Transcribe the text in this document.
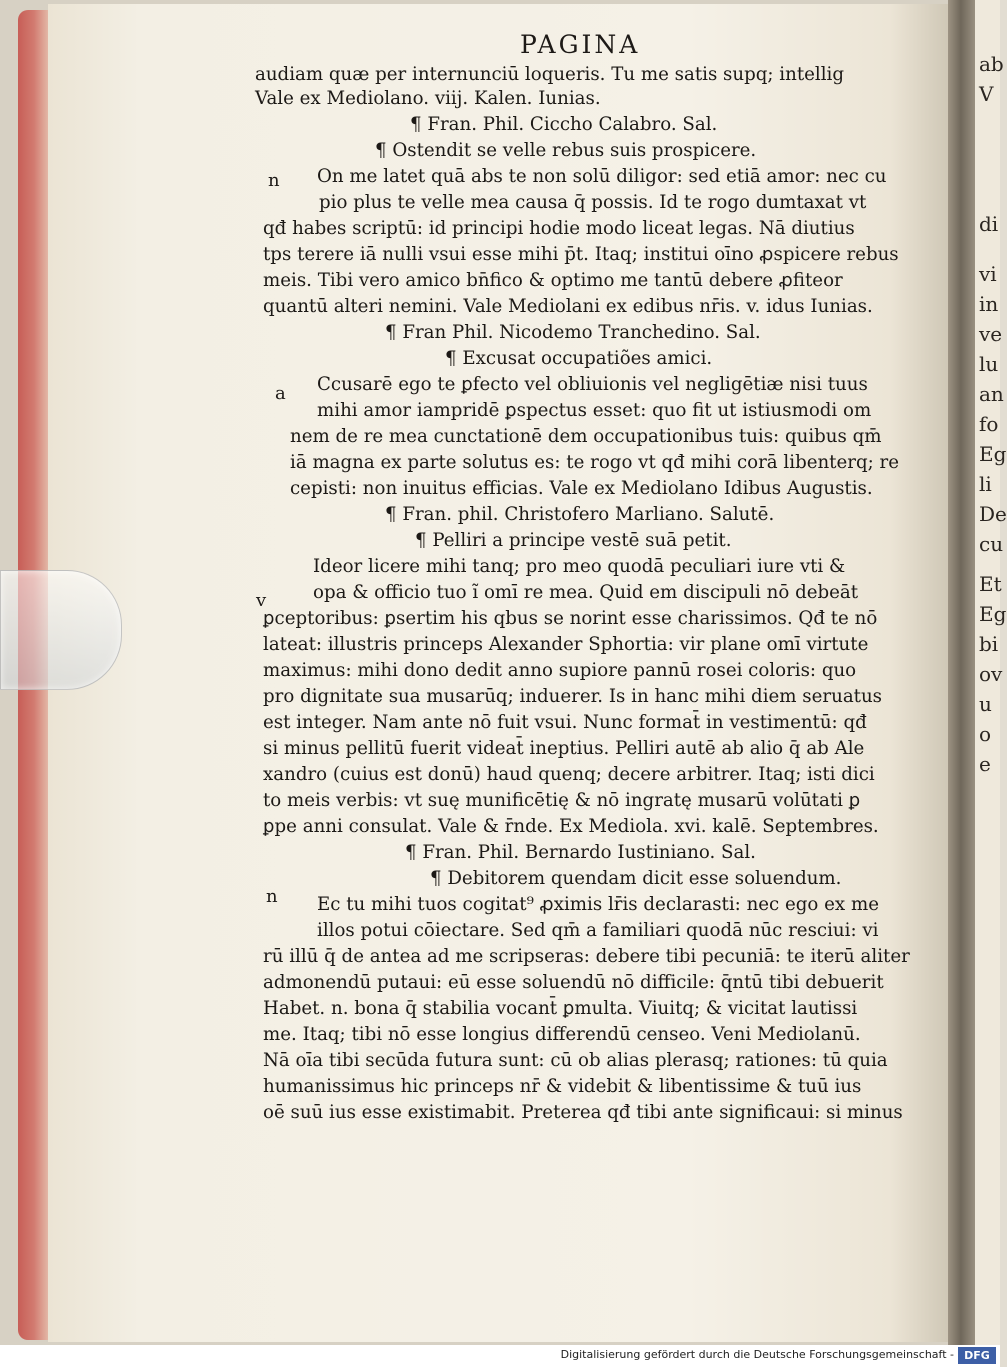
ab
V
di
vi
in
ve
lu
an
fo
Eg
li
De
cu
Et
Eg
bi
ov
u
o
e
PAGINA
audiam quæ per internunciū loqueris. Tu me satis supq; intellig
Vale ex Mediolano. viij. Kalen. Iunias.
¶ Fran. Phil. Ciccho Calabro. Sal.
¶ Ostendit se velle rebus suis prospicere.
On me latet quā abs te non solū diligor: sed etiā amor: nec cu
pio plus te velle mea causa q̄ possis. Id te rogo dumtaxat vt
qđ habes scriptū: id principi hodie modo liceat legas. Nā diutius
tps terere iā nulli vsui esse mihi p̄t. Itaq; institui oīno ꝓspicere rebus
meis. Tibi vero amico bn̄fico & optimo me tantū debere ꝓfiteor
quantū alteri nemini. Vale Mediolani ex edibus nr̄is. v. idus Iunias.
¶ Fran Phil. Nicodemo Tranchedino. Sal.
¶ Excusat occupatiões amici.
Ccusarē ego te ꝑfecto vel obliuionis vel negligētiæ nisi tuus
mihi amor iampridē ꝑspectus esset: quo fit ut istiusmodi om
nem de re mea cunctationē dem occupationibus tuis: quibus qm̄
iā magna ex parte solutus es: te rogo vt qđ mihi corā libenterq; re
cepisti: non inuitus efficias. Vale ex Mediolano Idibus Augustis.
¶ Fran. phil. Christofero Marliano. Salutē.
¶ Pelliri a principe vestē suā petit.
Ideor licere mihi tanq; pro meo quodā peculiari iure vti &
opa & officio tuo ĩ omī re mea. Quid em discipuli nō debeāt
ꝑceptoribus: ꝑsertim his qbus se norint esse charissimos. Qđ te nō
lateat: illustris princeps Alexander Sphortia: vir plane omī virtute
maximus: mihi dono dedit anno supiore pannū rosei coloris: quo
pro dignitate sua musarūq; induerer. Is in hanc mihi diem seruatus
est integer. Nam ante nō fuit vsui. Nunc format̄ in vestimentū: qđ
si minus pellitū fuerit videat̄ ineptius. Pelliri autē ab alio q̄ ab Ale
xandro (cuius est donū) haud quenq; decere arbitrer. Itaq; isti dici
to meis verbis: vt suę munificētię & nō ingratę musarū volūtati ꝑ
ꝑpe anni consulat. Vale & r̄nde. Ex Mediola. xvi. kalē. Septembres.
¶ Fran. Phil. Bernardo Iustiniano. Sal.
¶ Debitorem quendam dicit esse soluendum.
Ec tu mihi tuos cogitat⁹ ꝓximis lr̄is declarasti: nec ego ex me
illos potui cōiectare. Sed qm̄ a familiari quodā nūc resciui: vi
rū illū q̄ de antea ad me scripseras: debere tibi pecuniā: te iterū aliter
admonendū putaui: eū esse soluendū nō difficile: q̄ntū tibi debuerit
Habet. n. bona q̄ stabilia vocant̄ ꝑmulta. Viuitq; & vicitat lautissi
me. Itaq; tibi nō esse longius differendū censeo. Veni Mediolanū.
Nā oīa tibi secūda futura sunt: cū ob alias plerasq; rationes: tū quia
humanissimus hic princeps nr̄ & videbit & libentissime & tuū ius
oē suū ius esse existimabit. Preterea qđ tibi ante significaui: si minus
n
a
v
n
Digitalisierung gefördert durch die Deutsche Forschungsgemeinschaft - DFG
